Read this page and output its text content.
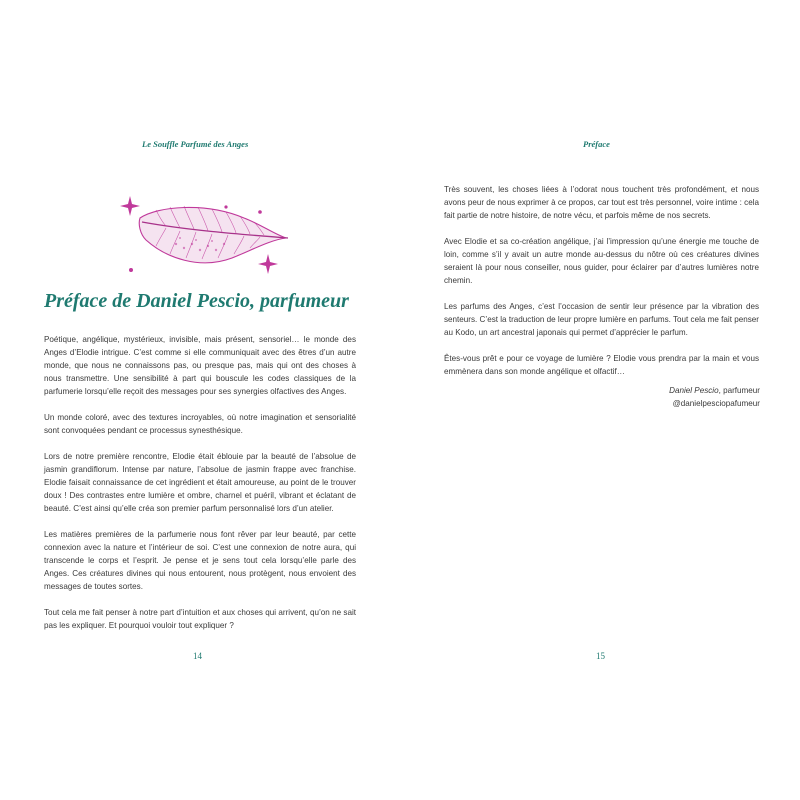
Le Souffle Parfumé des Anges
Préface de Daniel Pescio, parfumeur

Poétique, angélique, mystérieux, invisible, mais présent, sensoriel… le monde des Anges d’Elodie intrigue. C’est comme si elle communiquait avec des êtres d’un autre monde, que nous ne connaissons pas, ou presque pas, mais qui ont des choses à nous transmettre. Une sensibilité à part qui bouscule les codes classiques de la parfumerie lorsqu’elle reçoit des messages pour ses synergies olfactives des Anges.

Un monde coloré, avec des textures incroyables, où notre imagination et sensorialité sont convoquées pendant ce processus synesthésique.

Lors de notre première rencontre, Elodie était éblouie par la beauté de l’absolue de jasmin grandiflorum. Intense par nature, l’absolue de jasmin frappe avec franchise. Elodie faisait connaissance de cet ingrédient et était amoureuse, au point de le trouver doux ! Des contrastes entre lumière et ombre, charnel et puéril, vibrant et éclatant de beauté. C’est ainsi qu’elle créa son premier parfum personnalisé lors d’un atelier.

Les matières premières de la parfumerie nous font rêver par leur beauté, par cette connexion avec la nature et l’intérieur de soi. C’est une connexion de notre aura, qui transcende le corps et l’esprit. Je pense et je sens tout cela lorsqu’elle parle des Anges. Ces créatures divines qui nous entourent, nous protègent, nous envoient des messages de toutes sortes.

Tout cela me fait penser à notre part d’intuition et aux choses qui arrivent, qu’on ne sait pas les expliquer. Et pourquoi vouloir tout expliquer ?

14
Préface

Très souvent, les choses liées à l’odorat nous touchent très profondément, et nous avons peur de nous exprimer à ce propos, car tout est très personnel, voire intime : cela fait partie de notre histoire, de notre vécu, et parfois même de nos secrets.

Avec Elodie et sa co-création angélique, j’ai l’impression qu’une énergie me touche de loin, comme s’il y avait un autre monde au-dessus du nôtre où ces créatures divines seraient là pour nous conseiller, nous guider, pour éclairer par d’autres lumières notre chemin.

Les parfums des Anges, c’est l’occasion de sentir leur présence par la vibration des senteurs. C’est la traduction de leur propre lumière en parfums. Tout cela me fait penser au Kodo, un art ancestral japonais qui permet d’apprécier le parfum.

Êtes-vous prêt e pour ce voyage de lumière ? Elodie vous prendra par la main et vous emmènera dans son monde angélique et olfactif…

Daniel Pescio, parfumeur
@danielpesciopafumeur
15
